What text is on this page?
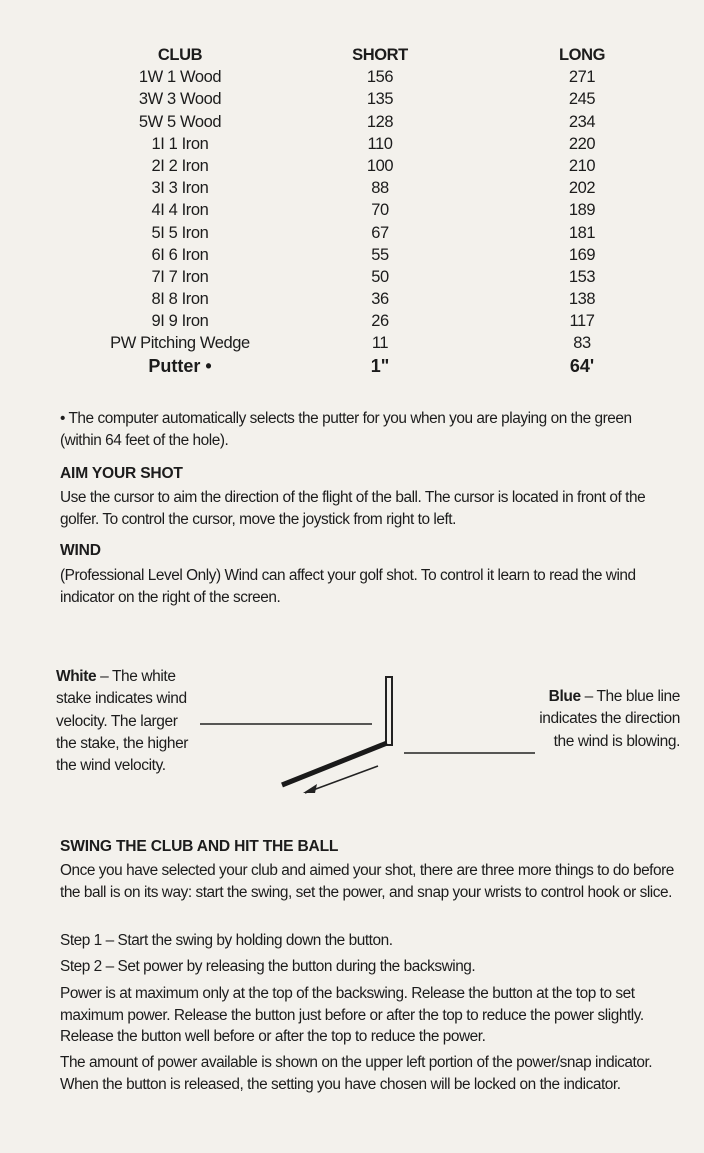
CLUB	SHORT	LONG
1W 1 Wood	156	271
3W 3 Wood	135	245
5W 5 Wood	128	234
1I 1 Iron	110	220
2I 2 Iron	100	210
3I 3 Iron	88	202
4I 4 Iron	70	189
5I 5 Iron	67	181
6I 6 Iron	55	169
7I 7 Iron	50	153
8I 8 Iron	36	138
9I 9 Iron	26	117
PW Pitching Wedge	11	83
Putter •	1"	64'
• The computer automatically selects the putter for you when you are playing on the green (within 64 feet of the hole).
AIM YOUR SHOT
Use the cursor to aim the direction of the flight of the ball. The cursor is located in front of the golfer. To control the cursor, move the joystick from right to left.
WIND
(Professional Level Only) Wind can affect your golf shot. To control it learn to read the wind indicator on the right of the screen.
White – The white stake indicates wind velocity. The larger the stake, the higher the wind velocity.
Blue – The blue line indicates the direction the wind is blowing.
SWING THE CLUB AND HIT THE BALL
Once you have selected your club and aimed your shot, there are three more things to do before the ball is on its way: start the swing, set the power, and snap your wrists to control hook or slice.
Step 1 – Start the swing by holding down the button.
Step 2 – Set power by releasing the button during the backswing.
Power is at maximum only at the top of the backswing. Release the button at the top to set maximum power. Release the button just before or after the top to reduce the power slightly. Release the button well before or after the top to reduce the power.
The amount of power available is shown on the upper left portion of the power/snap indicator. When the button is released, the setting you have chosen will be locked on the indicator.
